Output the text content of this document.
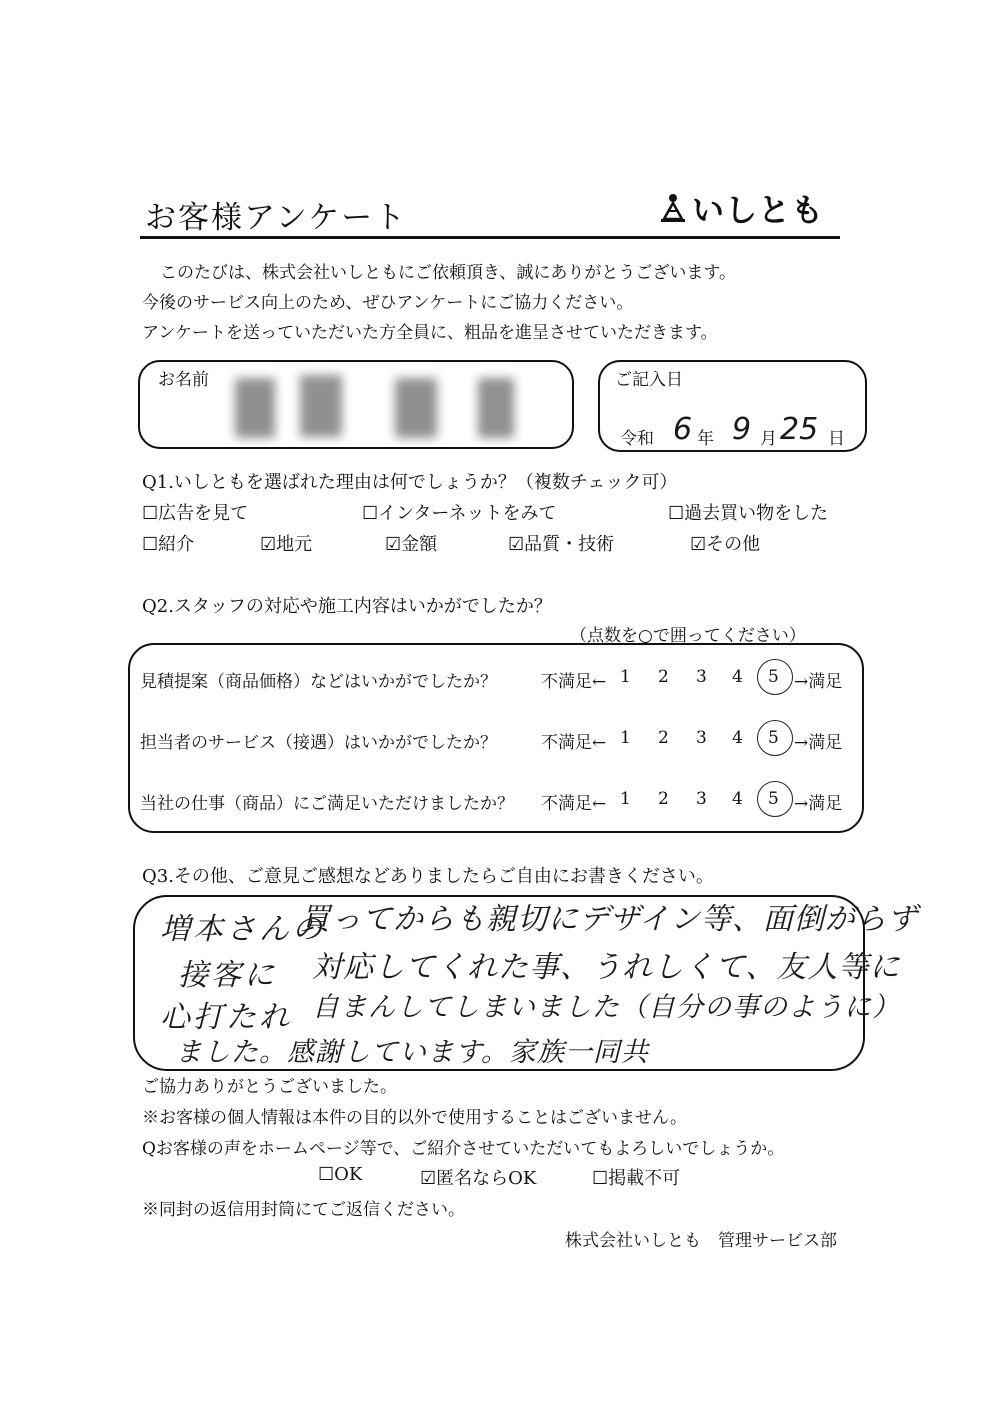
お客様アンケート	いしとも
このたびは、株式会社いしともにご依頼頂き、誠にありがとうございます。
今後のサービス向上のため、ぜひアンケートにご協力ください。
アンケートを送っていただいた方全員に、粗品を進呈させていただきます。
お名前	ご記入日
令和 6 年 9 月 25 日
Q1.いしともを選ばれた理由は何でしょうか？（複数チェック可）
☐広告を見て	☐インターネットをみて	☐過去買い物をした
☐紹介	☑地元	☑金額	☑品質・技術	☑その他
Q2.スタッフの対応や施工内容はいかがでしたか？
（点数を○で囲ってください）
見積提案（商品価格）などはいかがでしたか？	不満足← 1 2 3 4 5 →満足
担当者のサービス（接遇）はいかがでしたか？	不満足← 1 2 3 4 5 →満足
当社の仕事（商品）にご満足いただけましたか？ 不満足← 1 2 3 4 5 →満足
Q3.その他、ご意見ご感想などありましたらご自由にお書きください。
増本さんの
買ってからも親切にデザイン等、面倒がらず
接客に 対応してくれた事、うれしくて、友人等に
心打たれ 自まんしてしまいました（自分の事のように）
ました。感謝しています。家族一同共
ご協力ありがとうございました。
※お客様の個人情報は本件の目的以外で使用することはございません。
Qお客様の声をホームページ等で、ご紹介させていただいてもよろしいでしょうか。
☐OK	☑匿名ならOK	☐掲載不可
※同封の返信用封筒にてご返信ください。
株式会社いしとも　管理サービス部
